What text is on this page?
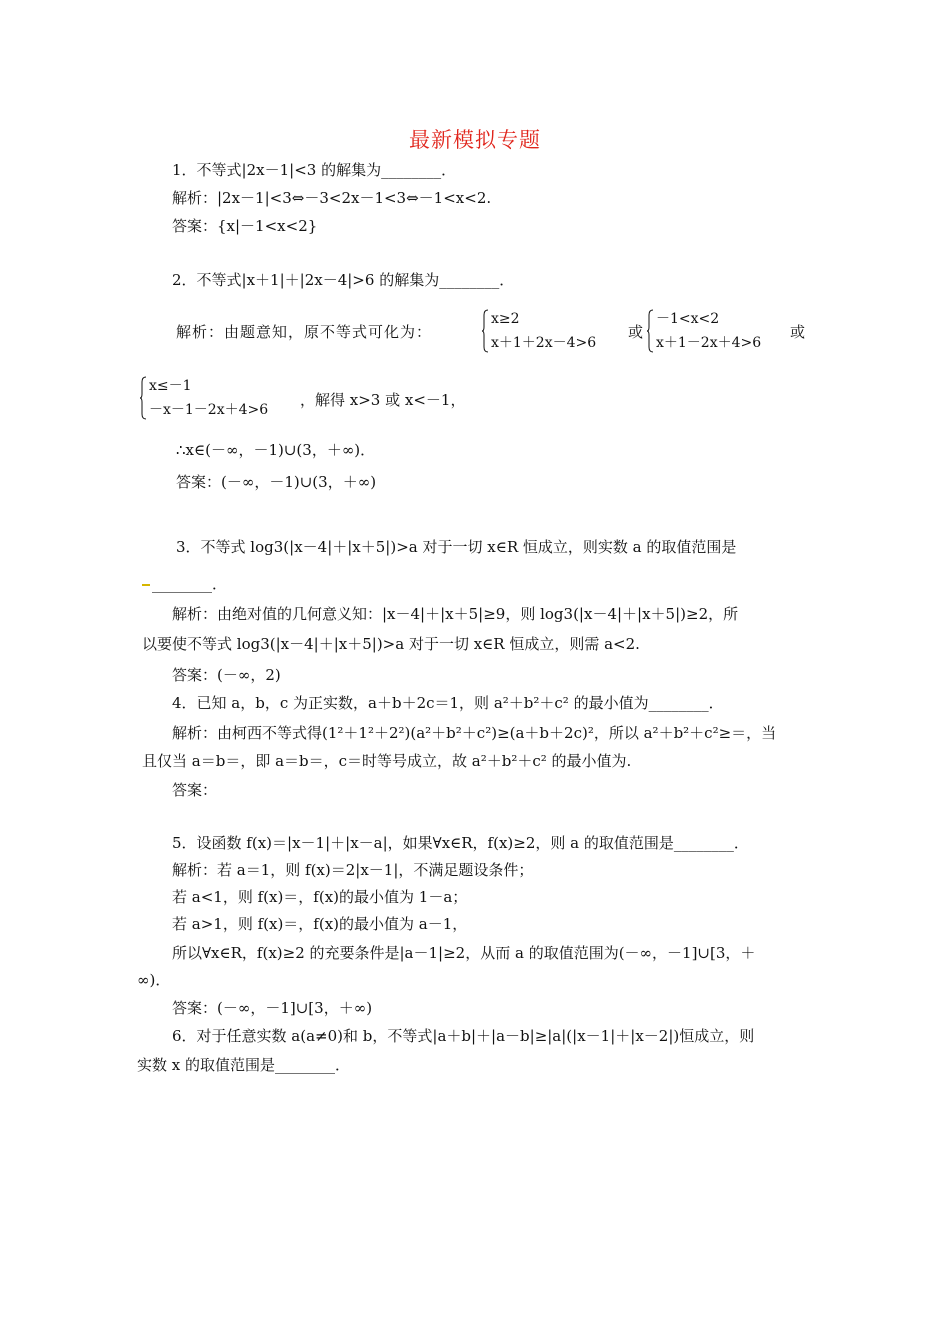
最新模拟专题
1．不等式|2x－1|<3 的解集为________．
解析：|2x－1|<3⇔－3<2x－1<3⇔－1<x<2.
答案：{x|－1<x<2}
2．不等式|x＋1|＋|2x－4|>6 的解集为________．
解析：由题意知，原不等式可化为：
x≥2
x＋1＋2x－4>6
或
－1<x<2
x＋1－2x＋4>6
或
x≤－1
－x－1－2x＋4>6
，解得 x>3 或 x<－1，
∴x∈(－∞，－1)∪(3，＋∞)．
答案：(－∞，－1)∪(3，＋∞)
3．不等式 log3(|x－4|＋|x＋5|)>a 对于一切 x∈R 恒成立，则实数 a 的取值范围是
________．
解析：由绝对值的几何意义知：|x－4|＋|x＋5|≥9，则 log3(|x－4|＋|x＋5|)≥2，所
以要使不等式 log3(|x－4|＋|x＋5|)>a 对于一切 x∈R 恒成立，则需 a<2.
答案：(－∞，2)
4．已知 a，b，c 为正实数，a＋b＋2c＝1，则 a²＋b²＋c² 的最小值为________．
解析：由柯西不等式得(1²＋1²＋2²)(a²＋b²＋c²)≥(a＋b＋2c)²，所以 a²＋b²＋c²≥＝，当
且仅当 a＝b＝，即 a＝b＝，c＝时等号成立，故 a²＋b²＋c² 的最小值为.
答案：
5．设函数 f(x)＝|x－1|＋|x－a|，如果∀x∈R，f(x)≥2，则 a 的取值范围是________．
解析：若 a＝1，则 f(x)＝2|x－1|，不满足题设条件；
若 a<1，则 f(x)＝，f(x)的最小值为 1－a；
若 a>1，则 f(x)＝，f(x)的最小值为 a－1，
所以∀x∈R，f(x)≥2 的充要条件是|a－1|≥2，从而 a 的取值范围为(－∞，－1]∪[3，＋
∞)．
答案：(－∞，－1]∪[3，＋∞)
6．对于任意实数 a(a≠0)和 b，不等式|a＋b|＋|a－b|≥|a|(|x－1|＋|x－2|)恒成立，则
实数 x 的取值范围是________．
